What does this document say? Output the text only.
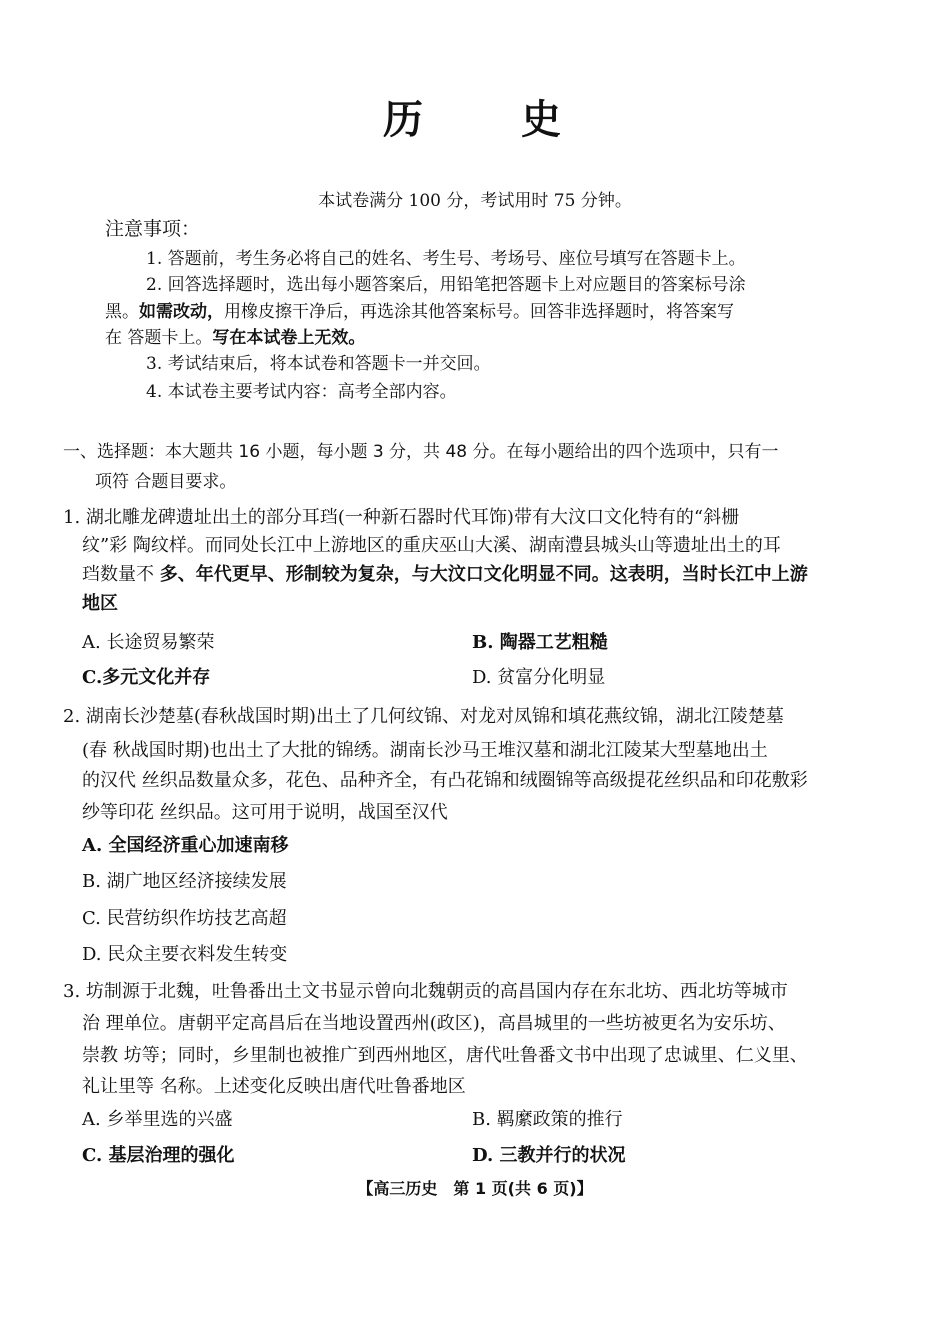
历　　史
本试卷满分 100 分，考试用时 75 分钟。
注意事项：
1. 答题前，考生务必将自己的姓名、考生号、考场号、座位号填写在答题卡上。
2. 回答选择题时，选出每小题答案后，用铅笔把答题卡上对应题目的答案标号涂
黑。如需改动，用橡皮擦干净后，再选涂其他答案标号。回答非选择题时，将答案写
在 答题卡上。写在本试卷上无效。
3. 考试结束后，将本试卷和答题卡一并交回。
4. 本试卷主要考试内容：高考全部内容。
一、选择题：本大题共 16 小题，每小题 3 分，共 48 分。在每小题给出的四个选项中，只有一
项符 合题目要求。
1. 湖北雕龙碑遗址出土的部分耳珰(一种新石器时代耳饰)带有大汶口文化特有的“斜栅
纹”彩 陶纹样。而同处长江中上游地区的重庆巫山大溪、湖南澧县城头山等遗址出土的耳
珰数量不 多、年代更早、形制较为复杂，与大汶口文化明显不同。这表明，当时长江中上游
地区
A. 长途贸易繁荣	B. 陶器工艺粗糙
C.多元文化并存	D. 贫富分化明显
2. 湖南长沙楚墓(春秋战国时期)出土了几何纹锦、对龙对凤锦和填花燕纹锦，湖北江陵楚墓
(春 秋战国时期)也出土了大批的锦绣。湖南长沙马王堆汉墓和湖北江陵某大型墓地出土
的汉代 丝织品数量众多，花色、品种齐全，有凸花锦和绒圈锦等高级提花丝织品和印花敷彩
纱等印花 丝织品。这可用于说明，战国至汉代
A. 全国经济重心加速南移
B. 湖广地区经济接续发展
C. 民营纺织作坊技艺高超
D. 民众主要衣料发生转变
3. 坊制源于北魏，吐鲁番出土文书显示曾向北魏朝贡的高昌国内存在东北坊、西北坊等城市
治 理单位。唐朝平定高昌后在当地设置西州(政区)，高昌城里的一些坊被更名为安乐坊、
崇教 坊等；同时，乡里制也被推广到西州地区，唐代吐鲁番文书中出现了忠诚里、仁义里、
礼让里等 名称。上述变化反映出唐代吐鲁番地区
A. 乡举里选的兴盛	B. 羁縻政策的推行
C. 基层治理的强化	D. 三教并行的状况
【高三历史　第 1 页(共 6 页)】
